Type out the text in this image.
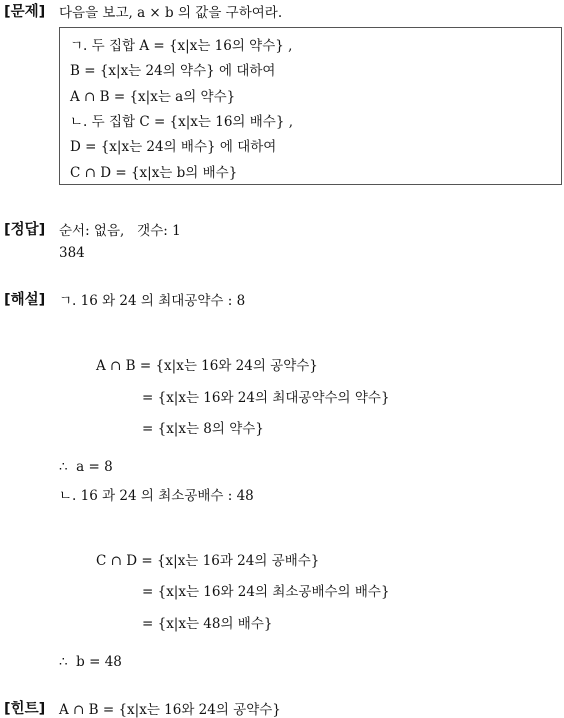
[문제] 다음을 보고, a × b 의 값을 구하여라.
ㄱ. 두 집합 A = {x|x는 16의 약수} ,
B = {x|x는 24의 약수} 에 대하여
A ∩ B = {x|x는 a의 약수}
ㄴ. 두 집합 C = {x|x는 16의 배수} ,
D = {x|x는 24의 배수} 에 대하여
C ∩ D = {x|x는 b의 배수}
[정답] 순서: 없음,   갯수: 1
384
[해설] ㄱ. 16 와 24 의 최대공약수 : 8
A ∩ B = {x|x는 16와 24의 공약수}
= {x|x는 16와 24의 최대공약수의 약수}
= {x|x는 8의 약수}
∴  a = 8
ㄴ. 16 과 24 의 최소공배수 : 48
C ∩ D = {x|x는 16과 24의 공배수}
= {x|x는 16와 24의 최소공배수의 배수}
= {x|x는 48의 배수}
∴  b = 48
[힌트] A ∩ B = {x|x는 16와 24의 공약수}
